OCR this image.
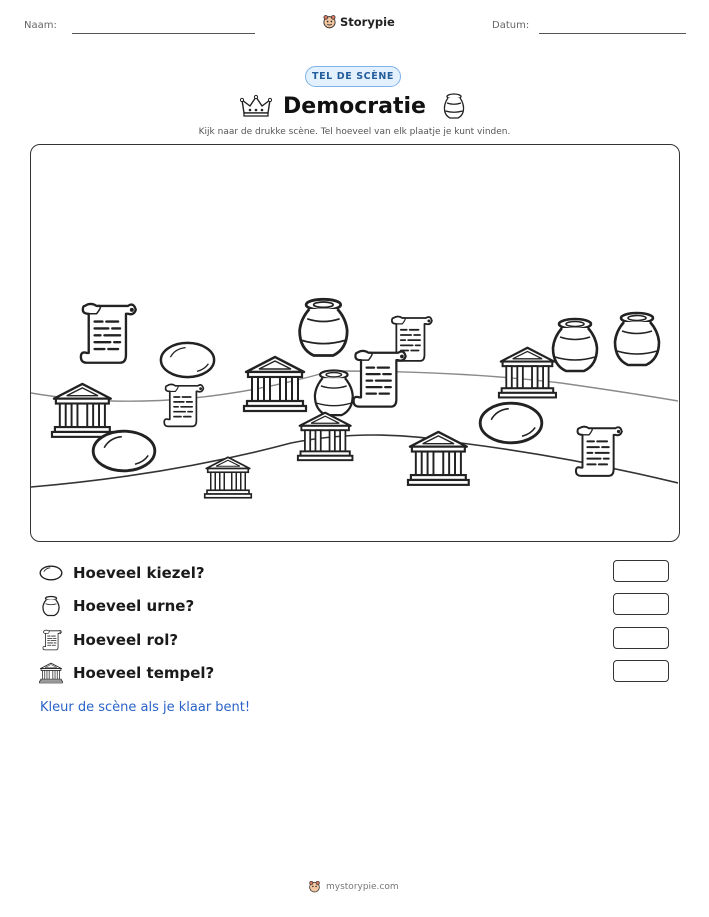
Naam:	Storypie	Datum:
TEL DE SCÈNE
Democratie
Kijk naar de drukke scène. Tel hoeveel van elk plaatje je kunt vinden.
Hoeveel kiezel?
Hoeveel urne?
Hoeveel rol?
Hoeveel tempel?
Kleur de scène als je klaar bent!
mystorypie.com
